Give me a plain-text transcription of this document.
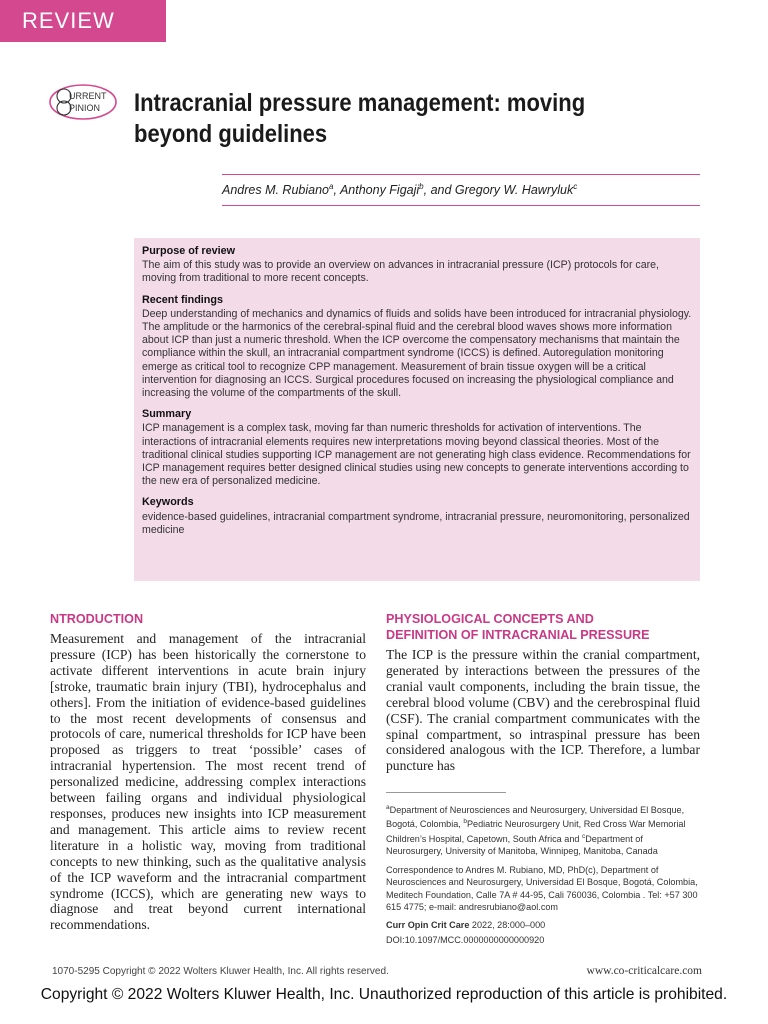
REVIEW
URRENT
PINION Intracranial pressure management: moving beyond guidelines
Andres M. Rubiano$^a$, Anthony Figaji$^b$, and Gregory W. Hawryluk$^c$
Purpose of review

The aim of this study was to provide an overview on advances in intracranial pressure (ICP) protocols for care, moving from traditional to more recent concepts.

Recent findings

Deep understanding of mechanics and dynamics of fluids and solids have been introduced for intracranial physiology. The amplitude or the harmonics of the cerebral-spinal fluid and the cerebral blood waves shows more information about ICP than just a numeric threshold. When the ICP overcome the compensatory mechanisms that maintain the compliance within the skull, an intracranial compartment syndrome (ICCS) is defined. Autoregulation monitoring emerge as critical tool to recognize CPP management. Measurement of brain tissue oxygen will be a critical intervention for diagnosing an ICCS. Surgical procedures focused on increasing the physiological compliance and increasing the volume of the compartments of the skull.

Summary

ICP management is a complex task, moving far than numeric thresholds for activation of interventions. The interactions of intracranial elements requires new interpretations moving beyond classical theories. Most of the traditional clinical studies supporting ICP management are not generating high class evidence. Recommendations for ICP management requires better designed clinical studies using new concepts to generate interventions according to the new era of personalized medicine.

Keywords

evidence-based guidelines, intracranial compartment syndrome, intracranial pressure, neuromonitoring, personalized medicine

NTRODUCTION

Measurement and management of the intracranial pressure (ICP) has been historically the cornerstone to activate different interventions in acute brain injury [stroke, traumatic brain injury (TBI), hydrocephalus and others]. From the initiation of evidence-based guidelines to the most recent developments of consensus and protocols of care, numerical thresholds for ICP have been proposed as triggers to treat ‘possible’ cases of intracranial hypertension. The most recent trend of personalized medicine, addressing complex interactions between failing organs and individual physiological responses, produces new insights into ICP measurement and management. This article aims to review recent literature in a holistic way, moving from traditional concepts to new thinking, such as the qualitative analysis of the ICP waveform and the intracranial compartment syndrome (ICCS), which are generating new ways to diagnose and treat beyond current international recommendations.

PHYSIOLOGICAL CONCEPTS AND
DEFINITION OF INTRACRANIAL PRESSURE

The ICP is the pressure within the cranial compartment, generated by interactions between the pressures of the cranial vault components, including the brain tissue, the cerebral blood volume (CBV) and the cerebrospinal fluid (CSF). The cranial compartment communicates with the spinal compartment, so intraspinal pressure has been considered analogous with the ICP. Therefore, a lumbar puncture has

$^a$Department of Neurosciences and Neurosurgery, Universidad El Bosque, Bogotá, Colombia, $^b$Pediatric Neurosurgery Unit, Red Cross War Memorial Children’s Hospital, Capetown, South Africa and $^c$Department of Neurosurgery, University of Manitoba, Winnipeg, Manitoba, Canada

Correspondence to Andres M. Rubiano, MD, PhD(c), Department of Neurosciences and Neurosurgery, Universidad El Bosque, Bogotá, Colombia, Meditech Foundation, Calle 7A # 44-95, Cali 760036, Colombia . Tel: +57 300 615 4775; e-mail: andresrubiano@aol.com

Curr Opin Crit Care 2022, 28:000–000

DOI:10.1097/MCC.0000000000000920

1070-5295 Copyright © 2022 Wolters Kluwer Health, Inc. All rights reserved.	www.co-criticalcare.com
Copyright © 2022 Wolters Kluwer Health, Inc. Unauthorized reproduction of this article is prohibited.
